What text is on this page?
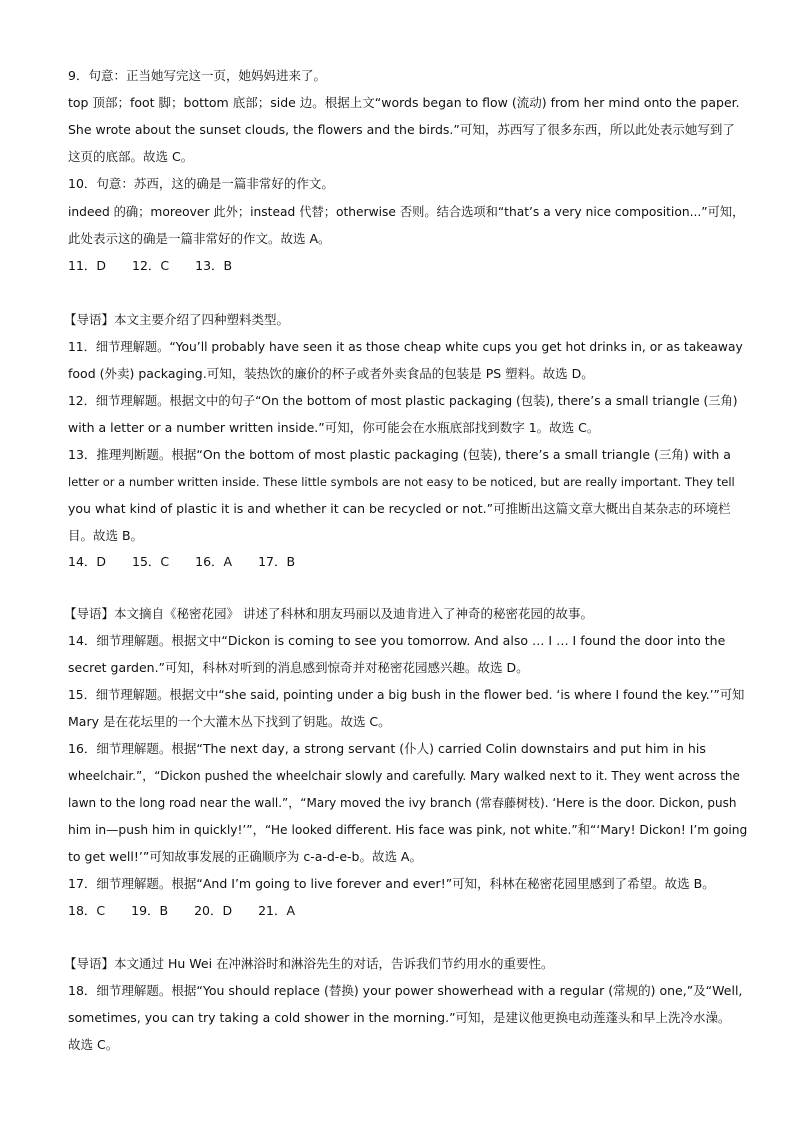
9．句意：正当她写完这一页，她妈妈进来了。
top 顶部；foot 脚；bottom 底部；side 边。根据上文“words began to flow (流动) from her mind onto the paper.
She wrote about the sunset clouds, the flowers and the birds.”可知，苏西写了很多东西，所以此处表示她写到了
这页的底部。故选 C。
10．句意：苏西，这的确是一篇非常好的作文。
indeed 的确；moreover 此外；instead 代替；otherwise 否则。结合选项和“that’s a very nice composition...”可知，
此处表示这的确是一篇非常好的作文。故选 A。
11．D 12．C 13．B
【导语】本文主要介绍了四种塑料类型。
11．细节理解题。“You’ll probably have seen it as those cheap white cups you get hot drinks in, or as takeaway
food (外卖) packaging.可知，装热饮的廉价的杯子或者外卖食品的包装是 PS 塑料。故选 D。
12．细节理解题。根据文中的句子“On the bottom of most plastic packaging (包装), there’s a small triangle (三角)
with a letter or a number written inside.”可知，你可能会在水瓶底部找到数字 1。故选 C。
13．推理判断题。根据“On the bottom of most plastic packaging (包装), there’s a small triangle (三角) with a
letter or a number written inside. These little symbols are not easy to be noticed, but are really important. They tell
you what kind of plastic it is and whether it can be recycled or not.”可推断出这篇文章大概出自某杂志的环境栏
目。故选 B。
14．D 15．C 16．A 17．B
【导语】本文摘自《秘密花园》 讲述了科林和朋友玛丽以及迪肯进入了神奇的秘密花园的故事。
14．细节理解题。根据文中“Dickon is coming to see you tomorrow. And also … I … I found the door into the
secret garden.”可知，科林对听到的消息感到惊奇并对秘密花园感兴趣。故选 D。
15．细节理解题。根据文中“she said, pointing under a big bush in the flower bed. ‘is where I found the key.’”可知
Mary 是在花坛里的一个大灌木丛下找到了钥匙。故选 C。
16．细节理解题。根据“The next day, a strong servant (仆人) carried Colin downstairs and put him in his
wheelchair.”，“Dickon pushed the wheelchair slowly and carefully. Mary walked next to it. They went across the
lawn to the long road near the wall.”，“Mary moved the ivy branch (常春藤树枝). ‘Here is the door. Dickon, push
him in—push him in quickly!’”，“He looked different. His face was pink, not white.”和“‘Mary! Dickon! I’m going
to get well!’”可知故事发展的正确顺序为 c-a-d-e-b。故选 A。
17．细节理解题。根据“And I’m going to live forever and ever!”可知，科林在秘密花园里感到了希望。故选 B。
18．C 19．B 20．D 21．A
【导语】本文通过 Hu Wei 在冲淋浴时和淋浴先生的对话，告诉我们节约用水的重要性。
18．细节理解题。根据“You should replace (替换) your power showerhead with a regular (常规的) one,”及“Well,
sometimes, you can try taking a cold shower in the morning.”可知，是建议他更换电动莲蓬头和早上洗冷水澡。
故选 C。
